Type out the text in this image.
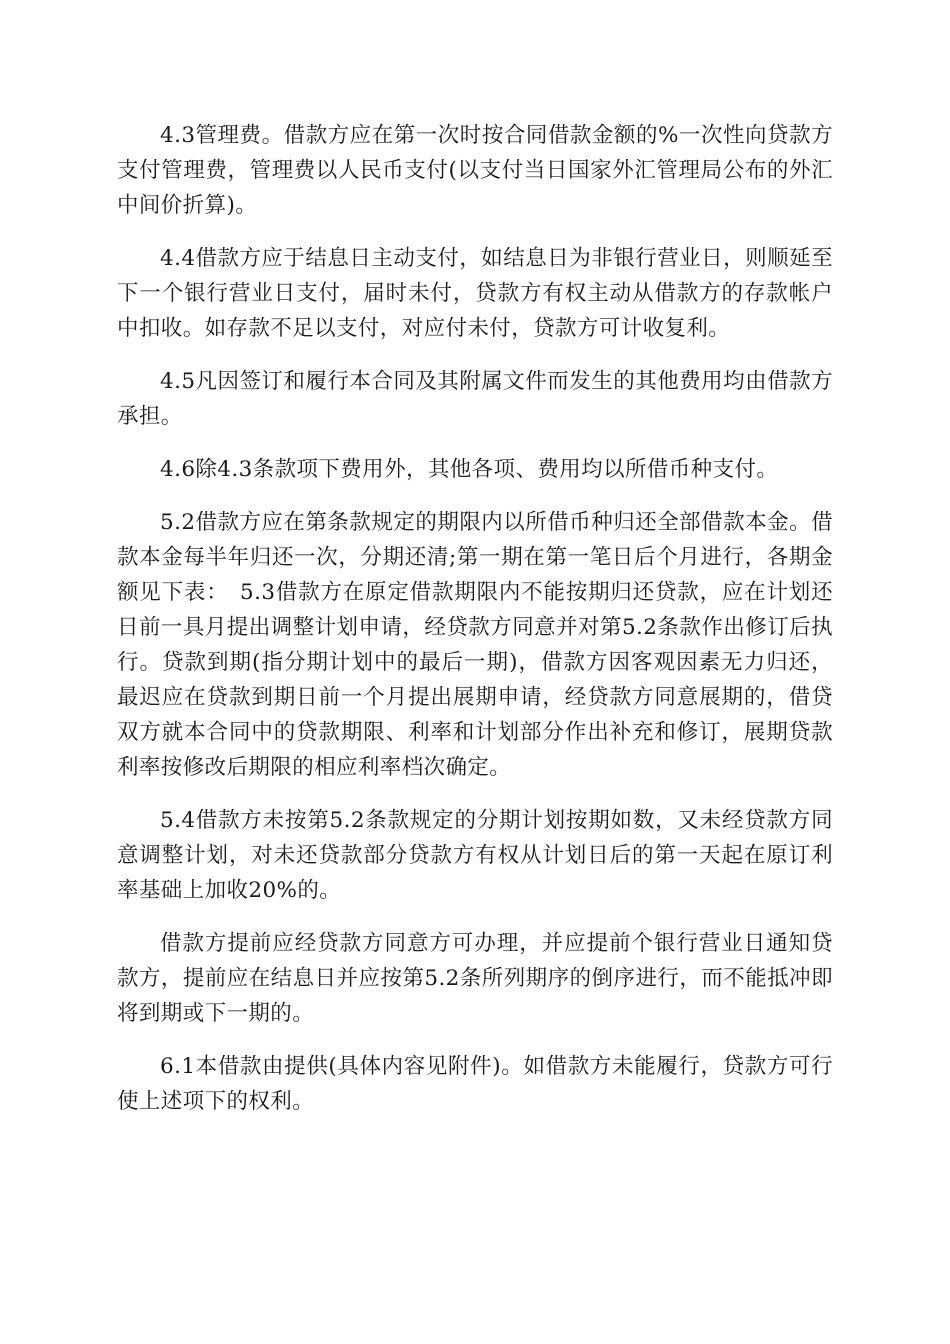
4.3管理费。借款方应在第一次时按合同借款金额的%一次性向贷款方支付管理费，管理费以人民币支付(以支付当日国家外汇管理局公布的外汇中间价折算)。

4.4借款方应于结息日主动支付，如结息日为非银行营业日，则顺延至下一个银行营业日支付，届时未付，贷款方有权主动从借款方的存款帐户中扣收。如存款不足以支付，对应付未付，贷款方可计收复利。

4.5凡因签订和履行本合同及其附属文件而发生的其他费用均由借款方承担。

4.6除4.3条款项下费用外，其他各项、费用均以所借币种支付。

5.2借款方应在第条款规定的期限内以所借币种归还全部借款本金。借款本金每半年归还一次，分期还清;第一期在第一笔日后个月进行，各期金额见下表：　5.3借款方在原定借款期限内不能按期归还贷款，应在计划还日前一具月提出调整计划申请，经贷款方同意并对第5.2条款作出修订后执行。贷款到期(指分期计划中的最后一期)，借款方因客观因素无力归还，最迟应在贷款到期日前一个月提出展期申请，经贷款方同意展期的，借贷双方就本合同中的贷款期限、利率和计划部分作出补充和修订，展期贷款利率按修改后期限的相应利率档次确定。

5.4借款方未按第5.2条款规定的分期计划按期如数，又未经贷款方同意调整计划，对未还贷款部分贷款方有权从计划日后的第一天起在原订利率基础上加收20%的。

借款方提前应经贷款方同意方可办理，并应提前个银行营业日通知贷款方，提前应在结息日并应按第5.2条所列期序的倒序进行，而不能抵冲即将到期或下一期的。

6.1本借款由提供(具体内容见附件)。如借款方未能履行，贷款方可行使上述项下的权利。
